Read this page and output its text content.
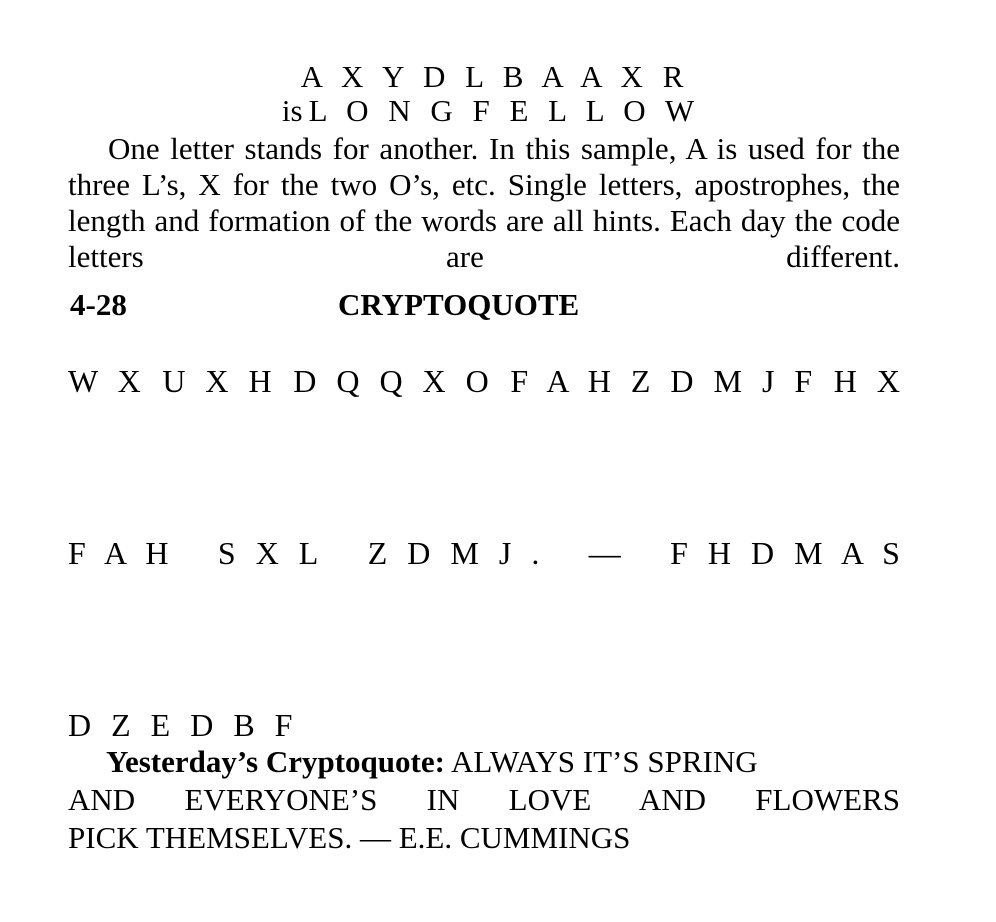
A X Y D L B A A X R
is L O N G F E L L O W
One letter stands for another. In this sample, A is used for the three L’s, X for the two O’s, etc. Single letters, apostrophes, the length and formation of the words are all hints. Each day the code letters are different.
4-28	CRYPTOQUOTE
W X U X H D Q Q X O F A H Z D M J F H X
F A H S X L Z D M J . — F H D M A S
D Z E D B F
Yesterday’s Cryptoquote: ALWAYS IT’S SPRING
AND EVERYONE’S IN LOVE AND FLOWERS
PICK THEMSELVES. — E.E. CUMMINGS
